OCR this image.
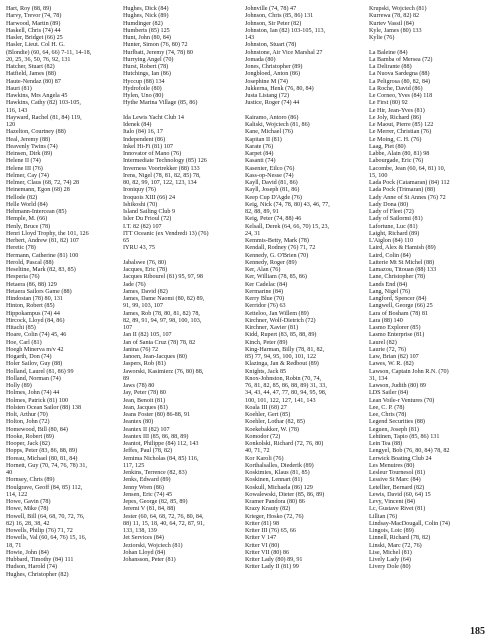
Hart, Roy (88, 89)
Harvy, Trevor (74, 78)
Harwood, Martin (89)
Haskell, Chris (74) 44
Hasler, Bridget (66) 25
Hasler, Lieut. Col H. G.
(Blondie) (60, 64, 66) 7-11, 14-18,
20, 25, 36, 50, 76, 92, 131
Hatcher, Stuart (82)
Hatfield, James (88)
Haute-Nendaz (80) 87
Hauri (81)
Hawkins, Mrs Angela 45
Hawkins, Cathy (82) 103-105,
116, 143
Hayward, Rachel (81, 84) 119,
120
Hazelton, Courtney (88)
Heal, Jeremy (88)
Heavenly Twins (74)
Heinsen, Dirk (89)
Helene II (74)
Helene III (76)
Helmer, Cay (74)
Helmer, Claus (68, 72, 74) 28
Heinemann, Egon (68) 28
Hellode (82)
Helle World (84)
Hehmann-Intercean (85)
Hemple, M. (66)
Henly, Bruce (78)
Henri Lloyd Trophy, the 101, 126
Herbert, Andrew (81, 82) 107
Heretic (78)
Hermann, Catherine (81) 100
Herold, Pascal (88)
Heseltine, Mark (82, 83, 85)
Hesperia (76)
Hetaera (86, 88) 129
Hetaera Sailors Game (88)
Hindostan (78) 80, 131
Hinton, Robert (85)
Hippokampus (74) 44
Hircock, Lloyd (84, 86)
Hitachi (85)
Hoare, Colin (74) 45, 46
Hoe, Carl (81)
Hoegh Minerva m/v 42
Hogarth, Don (74)
Holer Sailov, Guy (88)
Holland, Laurel (81, 86) 99
Holland, Norman (74)
Holly (89)
Holmes, John (74) 44
Holmes, Patrick (81) 100
Holsten Ocean Sailor (88) 138
Holt, Arthur (70)
Holton, John (72)
Homewood, Bill (80, 84)
Hooke, Robert (89)
Hooper, Jack (82)
Hopps, Peter (83, 86, 88, 89)
Horeau, Michael (80, 81, 84)
Hornett, Guy (70, 74, 76, 78) 31,
40
Hornsey, Chris (89)
Houlgrave, Geoff (84, 85) 112,
114, 122
Howe, Gavin (78)
Howe, Mike (78)
Howell, Bill (64, 68, 70, 72, 76,
82) 16, 28, 38, 42
Howells, Philip (76) 71, 72
Howells, Val (60, 64, 76) 15, 16,
18, 71
Howie, John (84)
Hubbard, Timothy (84) 111
Hudson, Harold (74)
Hughes, Christopher (82)
Hughes, Dick (84)
Hughes, Nick (89)
Humdinger (82)
Humberts (85) 125
Hunt, John (80, 84)
Hunter, Simon (76, 80) 72
Hurlbatt, Jeremy (74, 78) 80
Hurrying Angel (70)
Hurst, Robert (78)
Hutchings, Ian (86)
Hyccup (88) 134
Hydrofoile (80)
Hylen, Uno (80)
Hythe Marina Village (85, 86)
Ida Lewis Yacht Club 14
Idenek (84)
Italo (84) 16, 17
Independent (86)
Inkel Hi-Fi (81) 107
Innovator of Mano (76)
Intermediate Technology (85) 126
Inverness Voortrekker (88) 133
Irens, Nigel (78, 81, 82, 85) 78,
80, 82, 99, 107, 122, 123, 134
Ironiquy (76)
Iroquois XIII (66) 24
Ishikoshi (70)
Island Sailing Club 9
Isler Du Frioul (72)
I.T. 82 (82) 107
ITT Oceanic (ex Vendredi 13) (76)
65
IYRU 43, 75
Jabalswe (76, 80)
Jacques, Eric (78)
Jacques Ribourel (81) 95, 97, 98
Jade (76)
James, David (82)
James, Dame Naomi (80, 82) 89,
91, 99, 103, 107
James, Rob (78, 80, 81, 82) 78,
82, 89, 91, 94, 97, 98, 100, 103,
107
Jan II (82) 105, 107
Jan of Santa Cruz (78) 78, 82
Janina (76) 72
Janoen, Jean-Jacques (80)
Jaspers, Rob (81)
Jaworski, Kasimierz (76, 80) 88,
89
Jaws (78) 80
Jay, Peter (78) 80
Jean, Benoit (81)
Jean, Jacques (81)
Jeans Foster (80) 86-88, 91
Jeantex (80)
Jeantex II (82) 107
Jeantex III (85, 86, 88, 89)
Jeantot, Philippe (84) 112, 143
Jeffes, Paul (78, 82)
Jemima Nicholas (84, 85) 116,
117, 125
Jenkins, Terrence (82, 83)
Jenks, Edward (89)
Jenny Wren (86)
Jensen, Eric (74) 45
Jepes, George (82, 85, 89)
Jeremi V (81, 84, 88)
Jester (60, 64, 68, 72, 76, 80, 84,
88) 11, 15, 18, 40, 64, 72, 87, 91,
133, 138, 139
Jet Services (84)
Jeziorski, Wojciech (81)
Johan Lloyd (84)
Johansson, Peter (81)
Johnville (74, 78) 47
Johnson, Chris (85, 86) 131
Johnson, Sir Peter (82)
Johnston, Ian (82) 103-105, 113,
143
Johnston, Stuart (78)
Johnstone, Air Vice Marshal 27
Jomada (80)
Jones, Christopher (89)
Jongbloed, Anton (86)
Josephine M (74)
Jukkerna, Henk (76, 80, 84)
Justa Listang (72)
Justice, Roger (74) 44
Kairamo, Antoro (86)
Kaliski, Wojciech (81, 86)
Kane, Michael (76)
Kapitan II (81)
Karate (76)
Karpet (84)
Kasanti (74)
Kasenier, Eilco (76)
Kass-op-Nesse (74)
Kayll, David (81, 86)
Kayll, Joseph (81, 86)
Keep Cup D'Agde (76)
Keig, Nick (74, 78, 80) 43, 46, 77,
82, 88, 89, 91
Keig, Peter (74, 88) 46
Kelsall, Derek (64, 66, 70) 15, 23,
24, 31
Kemmis-Betty, Mark (78)
Kendall, Rodney (76) 71, 72
Kennedy, G. O'Brien (70)
Kennedy, Roger (89)
Ker, Alan (76)
Ker, William (78, 85, 86)
Ker Cadelac (84)
Kermarine (84)
Kerry Blue (70)
Kerridor (76) 63
Ketteloo, Jan Willem (89)
Kirchner, Wolf-Dietrich (72)
Kirchner, Xavier (81)
Kidd, Rupert (83, 85, 88, 89)
Kinch, Peter (89)
King-Harman, Billy (78, 81, 82,
85) 77, 94, 95, 100, 101, 122
Klazinga, Jan & Redbout (89)
Knights, Jack 85
Knox-Johnston, Robin (70, 74,
76, 81, 82, 85, 86, 88, 89) 31, 33,
34, 43, 44, 47, 77, 80, 94, 95, 98,
100, 101, 122, 127, 141, 143
Koala III (68) 27
Koehler, Gert (85)
Koehler, Lothar (82, 85)
Koekebakker, W. (78)
Komodor (72)
Konkolski, Richard (72, 76, 80)
40, 71, 72
Kor Karoli (76)
Korthalsalles, Diederik (89)
Koskimies, Klaus (81, 85)
Koskinen, Lennart (81)
Koskull, Michaela (86) 129
Kowalewski, Dieter (85, 86, 89)
Kramer Pandora (80) 86
Krazy Krauty (82)
Krieger, Hosko (72, 76)
Kriter (81) 98
Kriter III (76) 65, 66
Kriter V 147
Kriter VI (80)
Kriter VII (80) 86
Kriter Lady (80) 89, 91
Kriter Lady II (81) 99
Krupski, Wojciech (81)
Kurrewa (78, 82) 82
Kurtev Vassil (84)
Kyle, James (80) 133
Kylie (76)
La Baleine (84)
La Bamba of Mersea (72)
La Delirante (88)
La Nuova Sardegna (88)
La Peligrosa (80, 82, 84)
La Roche, David (86)
Le Corneo, Yves (84) 118
Le First (80) 92
Le Hir, Jean-Yves (81)
Le Joly, Richard (86)
Le Maout, Pierre (85) 122
Le Merrer, Christian (76)
Le Moing, C. H. (76)
Laag, Piet (80)
Labbe, Alain (80, 81) 98
Labourgade, Eric (76)
Lacombe, Jean (60, 64, 81) 10,
15, 100
Lada Pock (Catamaran) (84) 112
Lada Pock (Trimaran) (88)
Lady Anne of St Annes (76) 72
Lady Dona (80)
Lady of Fleet (72)
Lady of Sailormi (81)
Lafortune, Luc (81)
Laight, Richard (89)
L'Aiglon (84) 110
Laird, Alex & Hamish (89)
Laird, Colin (84)
Laiterie Mt St Michel (88)
Lamazou, Titouan (88) 133
Lane, Christopher (78)
Lands End (84)
Lang, Nigel (76)
Langford, Spencer (84)
Langwell, George (66) 25
Lara of Bosham (78) 81
Lara (88) 140
Lasmo Explorer (85)
Lasmo Enterprise (81)
Laurel (82)
Laurie (72, 76)
Law, Brian (82) 107
Lawes, W. R. (82)
Lawson, Captain John R.N. (70)
31, 134
Lawson, Judith (80) 89
LDS Sailer (84)
Lean Voile-r Ventures (70)
Lee, C. P. (78)
Lee, Chris (78)
Legend Securities (88)
Leguen, Joseph (81)
Lehtinen, Tapio (85, 86) 131
Lein Tea (88)
Lengyel, Bob (76, 80, 84) 78, 82
Lerwick Boating Club 24
Les Menuires (80)
Lesleur Tournesol (81)
Lessive St Marc (84)
Letellier, Bernard (82)
Lewis, David (60, 64) 15
Levy, Vincent (84)
Lc, Gustave Rivet (81)
Lillian (76)
Lindsay-MacDougall, Colin (74)
Lingois, Loic (89)
Linnell, Richard (78, 82)
Linski, Marc (72, 76)
Lise, Michel (81)
Lively Lady (64)
Livery Dole (80)
185
